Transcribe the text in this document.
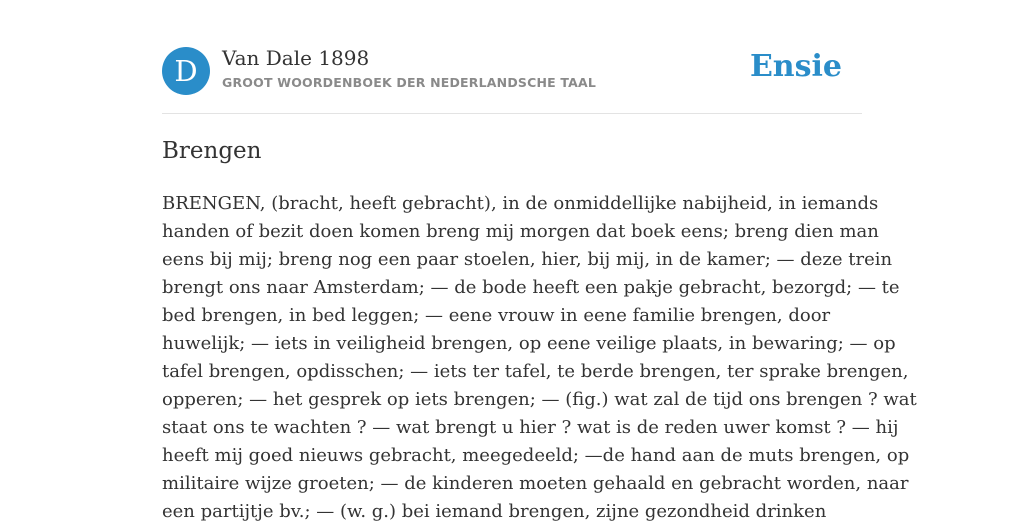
D	Van Dale 1898
GROOT WOORDENBOEK DER NEDERLANDSCHE TAAL	Ensie
Brengen

BRENGEN, (bracht, heeft gebracht), in de onmiddellijke nabijheid, in iemands
handen of bezit doen komen breng mij morgen dat boek eens; breng dien man
eens bij mij; breng nog een paar stoelen, hier, bij mij, in de kamer; — deze trein
brengt ons naar Amsterdam; — de bode heeft een pakje gebracht, bezorgd; — te
bed brengen, in bed leggen; — eene vrouw in eene familie brengen, door
huwelijk; — iets in veiligheid brengen, op eene veilige plaats, in bewaring; — op
tafel brengen, opdisschen; — iets ter tafel, te berde brengen, ter sprake brengen,
opperen; — het gesprek op iets brengen; — (fig.) wat zal de tijd ons brengen ? wat
staat ons te wachten ? — wat brengt u hier ? wat is de reden uwer komst ? — hij
heeft mij goed nieuws gebracht, meegedeeld; —de hand aan de muts brengen, op
militaire wijze groeten; — de kinderen moeten gehaald en gebracht worden, naar
een partijtje bv.; — (w. g.) bei iemand brengen, zijne gezondheid drinken
